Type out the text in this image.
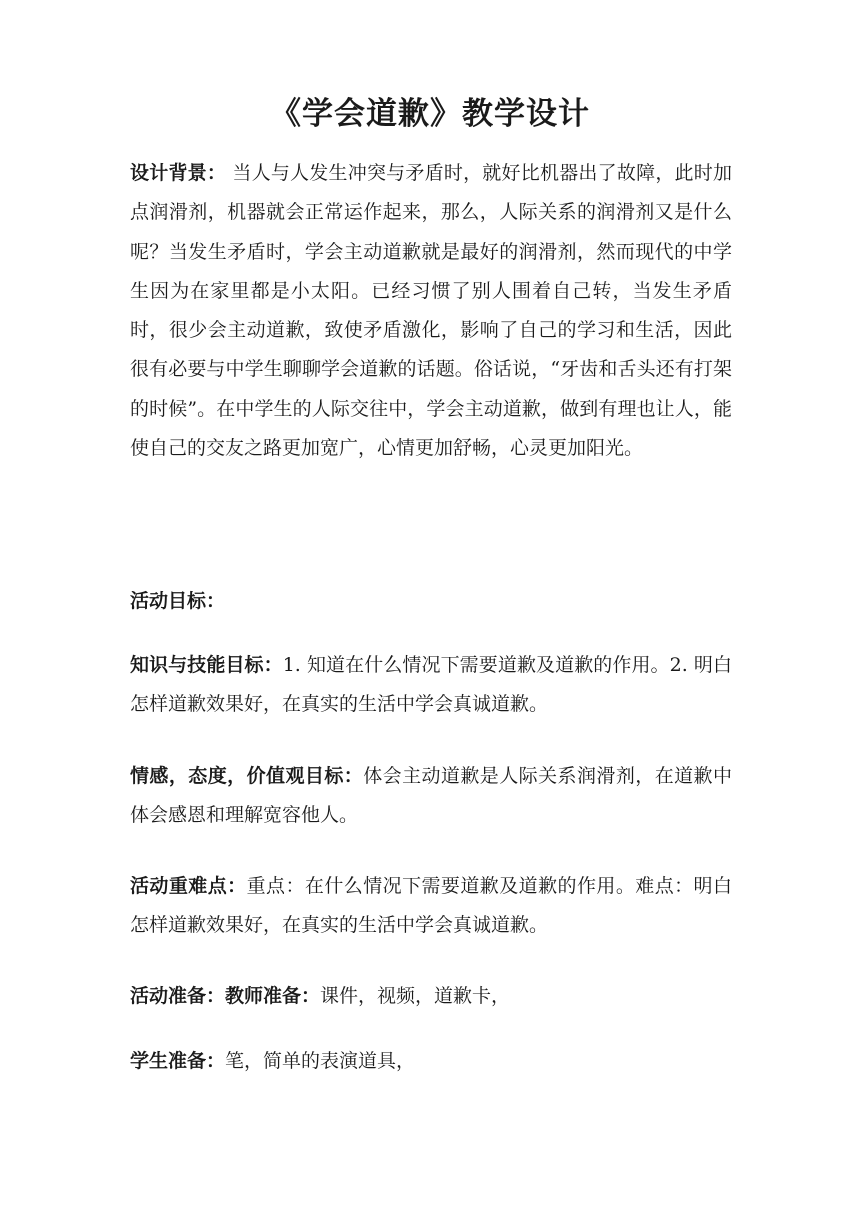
《学会道歉》教学设计

设计背景： 当人与人发生冲突与矛盾时，就好比机器出了故障，此时加点润滑剂，机器就会正常运作起来，那么，人际关系的润滑剂又是什么呢？当发生矛盾时，学会主动道歉就是最好的润滑剂，然而现代的中学生因为在家里都是小太阳。已经习惯了别人围着自己转，当发生矛盾时，很少会主动道歉，致使矛盾激化，影响了自己的学习和生活，因此很有必要与中学生聊聊学会道歉的话题。俗话说，“牙齿和舌头还有打架的时候”。在中学生的人际交往中，学会主动道歉，做到有理也让人，能使自己的交友之路更加宽广，心情更加舒畅，心灵更加阳光。

活动目标：

知识与技能目标：1. 知道在什么情况下需要道歉及道歉的作用。2. 明白怎样道歉效果好，在真实的生活中学会真诚道歉。

情感，态度，价值观目标：体会主动道歉是人际关系润滑剂，在道歉中体会感恩和理解宽容他人。

活动重难点：重点：在什么情况下需要道歉及道歉的作用。难点：明白怎样道歉效果好，在真实的生活中学会真诚道歉。

活动准备：教师准备：课件，视频，道歉卡，

学生准备：笔，简单的表演道具，
